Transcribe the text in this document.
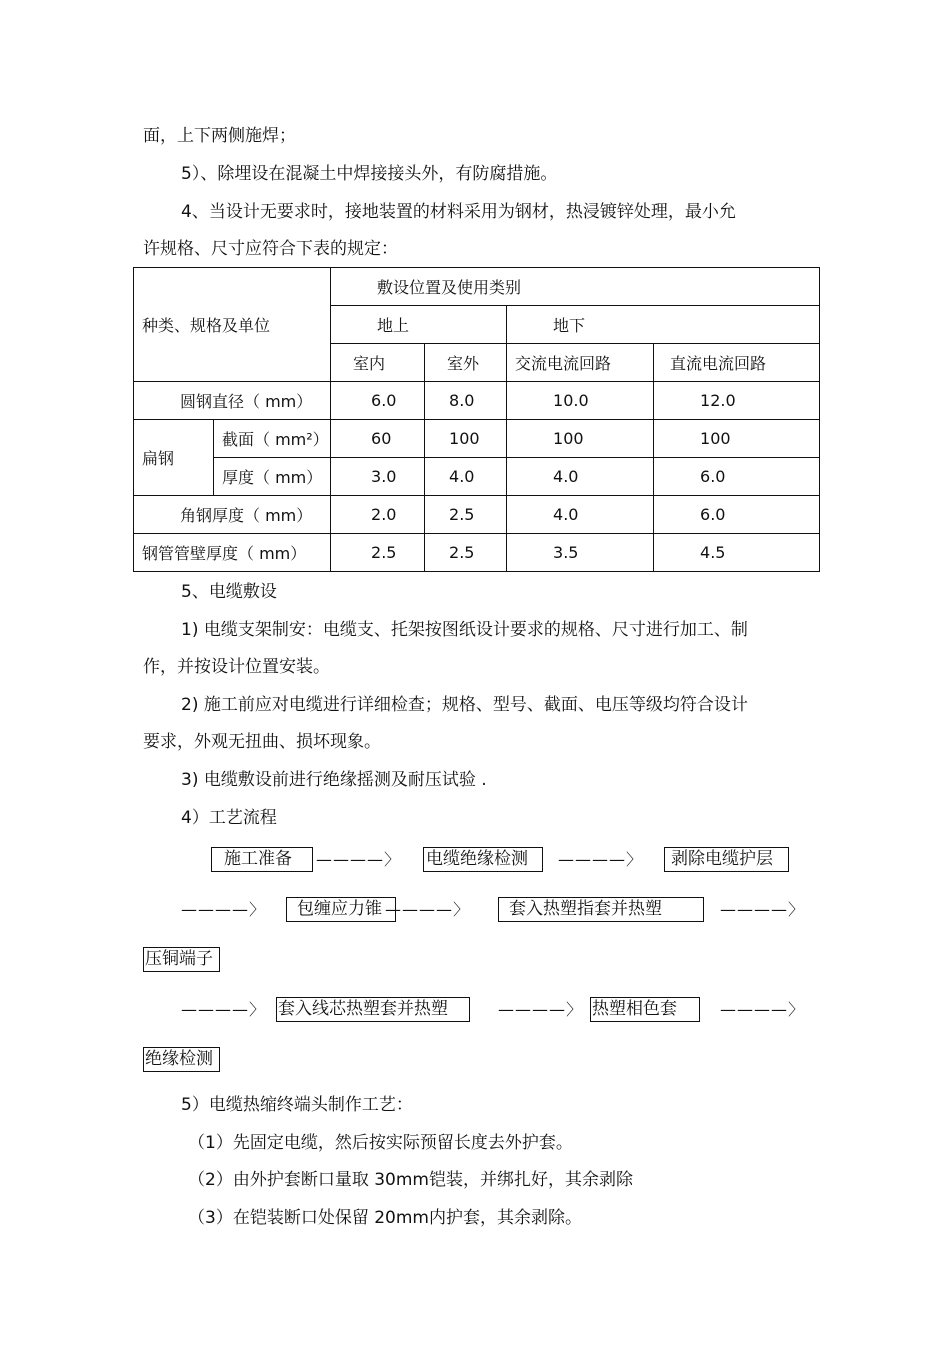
面，上下两侧施焊；
5）、除埋设在混凝土中焊接接头外，有防腐措施。
4、当设计无要求时，接地装置的材料采用为钢材，热浸镀锌处理，最小允
许规格、尺寸应符合下表的规定：
种类、规格及单位		敷设位置及使用类别			
		地上		地下	
		室内	室外	交流电流回路	直流电流回路
圆钢直径（ mm）		6.0	8.0	10.0	12.0
扁钢	截面（ mm²）	60	100	100	100
	厚度（ mm）	3.0	4.0	4.0	6.0
角钢厚度（ mm）		2.0	2.5	4.0	6.0
钢管管壁厚度（ mm）		2.5	2.5	3.5	4.5
5、电缆敷设
1) 电缆支架制安：电缆支、托架按图纸设计要求的规格、尺寸进行加工、制
作，并按设计位置安装。
2) 施工前应对电缆进行详细检查；规格、型号、截面、电压等级均符合设计
要求，外观无扭曲、损坏现象。
3) 电缆敷设前进行绝缘摇测及耐压试验 .
4）工艺流程
施工准备	————〉 电缆绝缘检测	————〉	剥除电缆护层
————〉	包缠应力锥 ————〉	套入热塑指套并热塑	————〉
压铜端子
————〉 套入线芯热塑套并热塑	————〉 热塑相色套	————〉
绝缘检测
5）电缆热缩终端头制作工艺：
（1）先固定电缆，然后按实际预留长度去外护套。
（2）由外护套断口量取 30mm铠装，并绑扎好，其余剥除
（3）在铠装断口处保留 20mm内护套，其余剥除。
